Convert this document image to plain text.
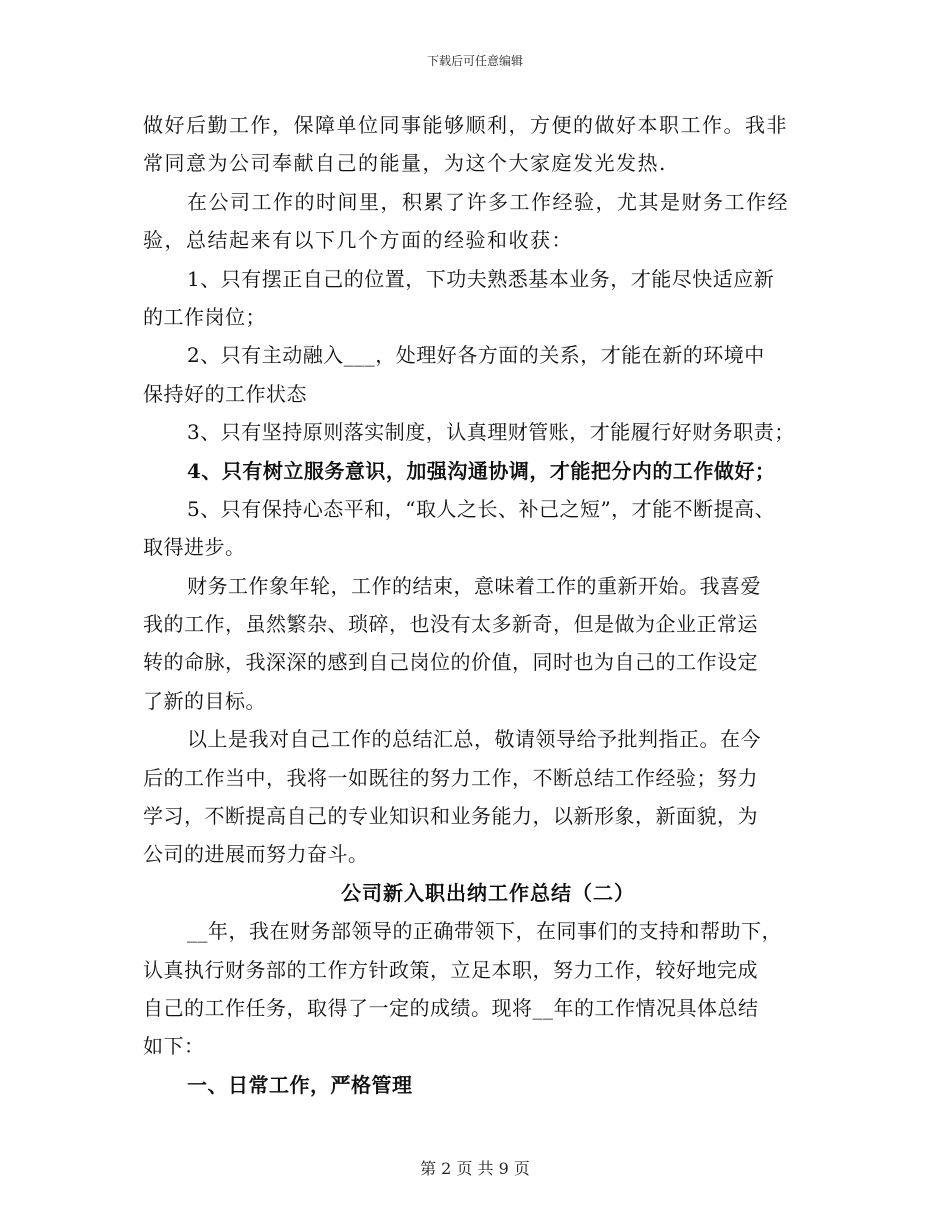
下载后可任意编辑
做好后勤工作，保障单位同事能够顺利，方便的做好本职工作。我非
常同意为公司奉献自己的能量，为这个大家庭发光发热.
在公司工作的时间里，积累了许多工作经验，尤其是财务工作经
验，总结起来有以下几个方面的经验和收获：
1、只有摆正自己的位置，下功夫熟悉基本业务，才能尽快适应新
的工作岗位；
2、只有主动融入___，处理好各方面的关系，才能在新的环境中
保持好的工作状态
3、只有坚持原则落实制度，认真理财管账，才能履行好财务职责；
4、只有树立服务意识，加强沟通协调，才能把分内的工作做好；
5、只有保持心态平和，“取人之长、补己之短”，才能不断提高、
取得进步。
财务工作象年轮，工作的结束，意味着工作的重新开始。我喜爱
我的工作，虽然繁杂、琐碎，也没有太多新奇，但是做为企业正常运
转的命脉，我深深的感到自己岗位的价值，同时也为自己的工作设定
了新的目标。
以上是我对自己工作的总结汇总，敬请领导给予批判指正。在今
后的工作当中，我将一如既往的努力工作，不断总结工作经验；努力
学习，不断提高自己的专业知识和业务能力，以新形象，新面貌，为
公司的进展而努力奋斗。
公司新入职出纳工作总结（二）
__年，我在财务部领导的正确带领下，在同事们的支持和帮助下，
认真执行财务部的工作方针政策，立足本职，努力工作，较好地完成
自己的工作任务，取得了一定的成绩。现将__年的工作情况具体总结
如下：
一、日常工作，严格管理
第 2 页 共 9 页
